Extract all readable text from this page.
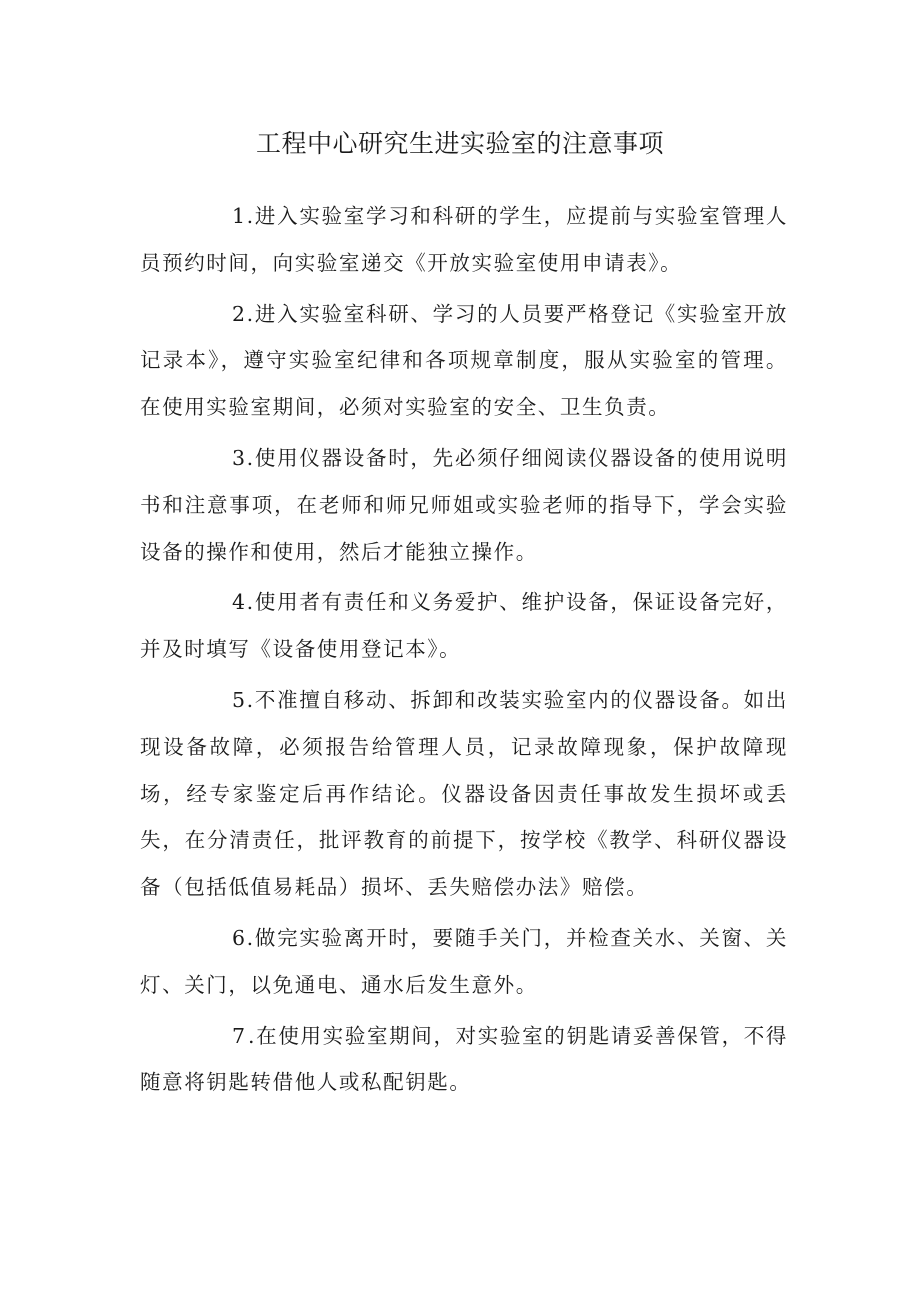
工程中心研究生进实验室的注意事项

1.进入实验室学习和科研的学生，应提前与实验室管理人员预约时间，向实验室递交《开放实验室使用申请表》。

2.进入实验室科研、学习的人员要严格登记《实验室开放记录本》，遵守实验室纪律和各项规章制度，服从实验室的管理。在使用实验室期间，必须对实验室的安全、卫生负责。

3.使用仪器设备时，先必须仔细阅读仪器设备的使用说明书和注意事项，在老师和师兄师姐或实验老师的指导下，学会实验设备的操作和使用，然后才能独立操作。

4.使用者有责任和义务爱护、维护设备，保证设备完好，并及时填写《设备使用登记本》。

5.不准擅自移动、拆卸和改装实验室内的仪器设备。如出现设备故障，必须报告给管理人员，记录故障现象，保护故障现场，经专家鉴定后再作结论。仪器设备因责任事故发生损坏或丢失，在分清责任，批评教育的前提下，按学校《教学、科研仪器设备（包括低值易耗品）损坏、丢失赔偿办法》赔偿。

6.做完实验离开时，要随手关门，并检查关水、关窗、关灯、关门，以免通电、通水后发生意外。

7.在使用实验室期间，对实验室的钥匙请妥善保管，不得随意将钥匙转借他人或私配钥匙。
